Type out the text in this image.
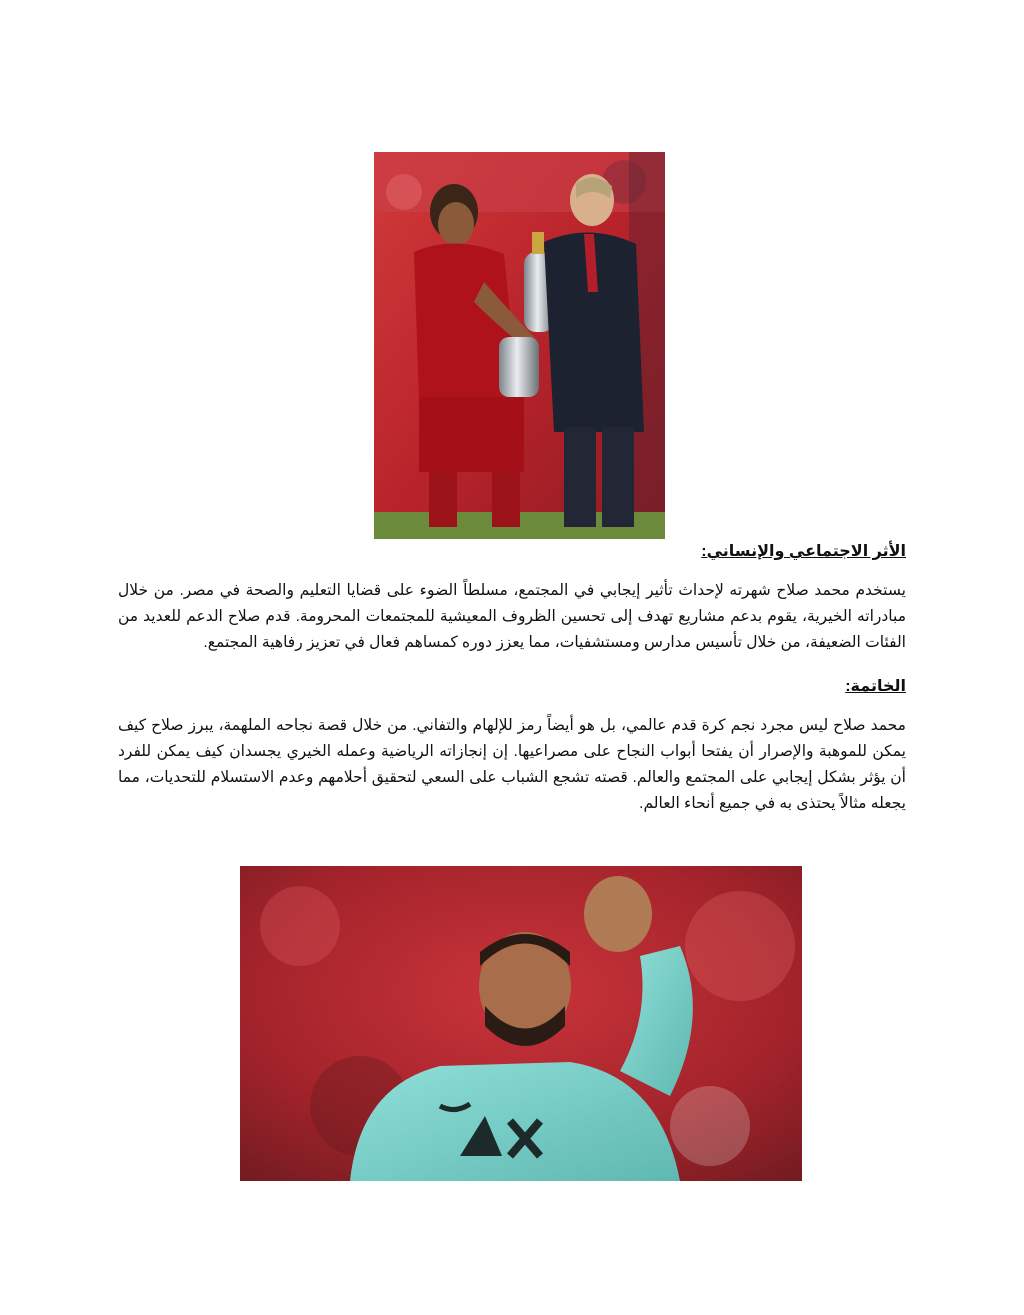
الأثر الاجتماعي والإنساني:
يستخدم محمد صلاح شهرته لإحداث تأثير إيجابي في المجتمع، مسلطاً الضوء على قضايا التعليم والصحة في مصر. من خلال مبادراته الخيرية، يقوم بدعم مشاريع تهدف إلى تحسين الظروف المعيشية للمجتمعات المحرومة. قدم صلاح الدعم للعديد من الفئات الضعيفة، من خلال تأسيس مدارس ومستشفيات، مما يعزز دوره كمساهم فعال في تعزيز رفاهية المجتمع.
الخاتمة:
محمد صلاح ليس مجرد نجم كرة قدم عالمي، بل هو أيضاً رمز للإلهام والتفاني. من خلال قصة نجاحه الملهمة، يبرز صلاح كيف يمكن للموهبة والإصرار أن يفتحا أبواب النجاح على مصراعيها. إن إنجازاته الرياضية وعمله الخيري يجسدان كيف يمكن للفرد أن يؤثر بشكل إيجابي على المجتمع والعالم. قصته تشجع الشباب على السعي لتحقيق أحلامهم وعدم الاستسلام للتحديات، مما يجعله مثالاً يحتذى به في جميع أنحاء العالم.
